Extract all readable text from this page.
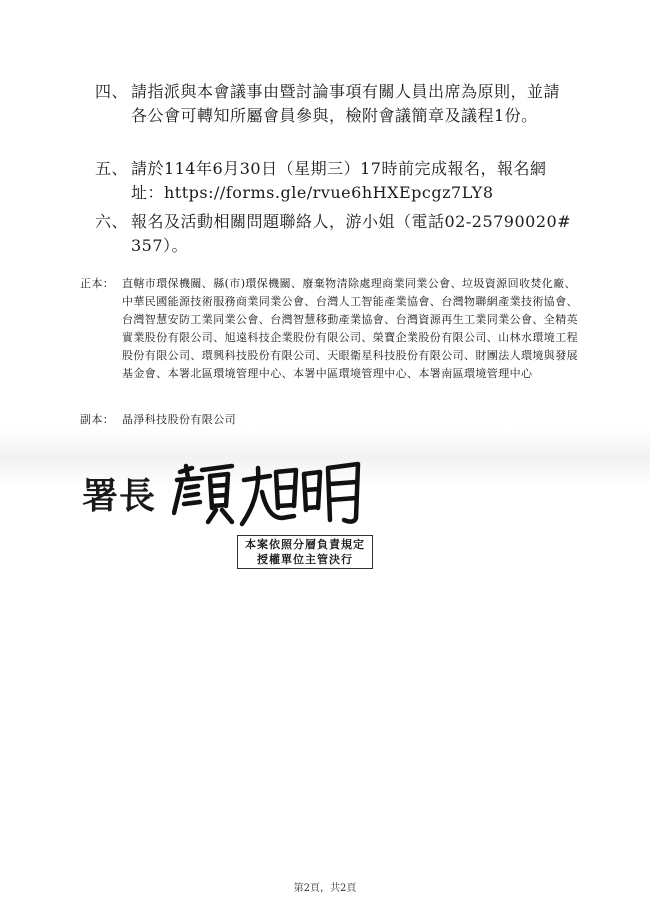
四、 請指派與本會議事由暨討論事項有關人員出席為原則，並請各公會可轉知所屬會員參與，檢附會議簡章及議程1份。
五、 請於114年6月30日（星期三）17時前完成報名，報名網址：https://forms.gle/rvue6hHXEpcgz7LY8
六、 報名及活動相關問題聯絡人，游小姐（電話02-25790020#357）。
正本： 直轄市環保機關、縣(市)環保機關、廢棄物清除處理商業同業公會、垃圾資源回收焚化廠、中華民國能源技術服務商業同業公會、台灣人工智能產業協會、台灣物聯網產業技術協會、台灣智慧安防工業同業公會、台灣智慧移動產業協會、台灣資源再生工業同業公會、全精英實業股份有限公司、旭遠科技企業股份有限公司、榮寶企業股份有限公司、山林水環境工程股份有限公司、環興科技股份有限公司、天眼衛星科技股份有限公司、財團法人環境與發展基金會、本署北區環境管理中心、本署中區環境管理中心、本署南區環境管理中心
副本： 晶淨科技股份有限公司
署長
本案依照分層負責規定
授權單位主管決行
第2頁，共2頁
